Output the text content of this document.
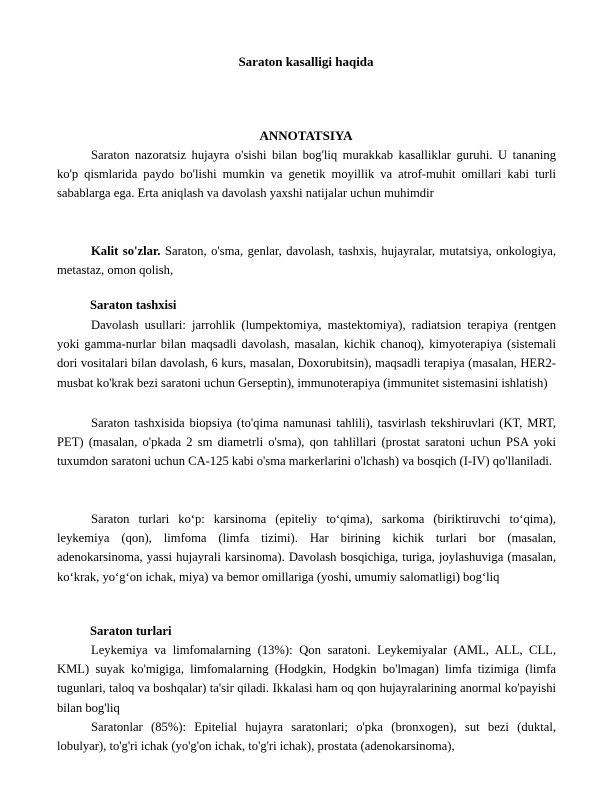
Saraton kasalligi haqida

ANNOTATSIYA

Saraton nazoratsiz hujayra o'sishi bilan bog'liq murakkab kasalliklar guruhi. U tananing ko'p qismlarida paydo bo'lishi mumkin va genetik moyillik va atrof-muhit omillari kabi turli sabablarga ega. Erta aniqlash va davolash yaxshi natijalar uchun muhimdir

Kalit so'zlar. Saraton, o'sma, genlar, davolash, tashxis, hujayralar, mutatsiya, onkologiya, metastaz, omon qolish,

Saraton tashxisi

Davolash usullari: jarrohlik (lumpektomiya, mastektomiya), radiatsion terapiya (rentgen yoki gamma-nurlar bilan maqsadli davolash, masalan, kichik chanoq), kimyoterapiya (sistemali dori vositalari bilan davolash, 6 kurs, masalan, Doxorubitsin), maqsadli terapiya (masalan, HER2-musbat ko'krak bezi saratoni uchun Gerseptin), immunoterapiya (immunitet sistemasini ishlatish)

Saraton tashxisida biopsiya (to'qima namunasi tahlili), tasvirlash tekshiruvlari (KT, MRT, PET) (masalan, o'pkada 2 sm diametrli o'sma), qon tahlillari (prostat saratoni uchun PSA yoki tuxumdon saratoni uchun CA-125 kabi o'sma markerlarini o'lchash) va bosqich (I-IV) qo'llaniladi.

Saraton turlari ko‘p: karsinoma (epiteliy to‘qima), sarkoma (biriktiruvchi to‘qima), leykemiya (qon), limfoma (limfa tizimi). Har birining kichik turlari bor (masalan, adenokarsinoma, yassi hujayrali karsinoma). Davolash bosqichiga, turiga, joylashuviga (masalan, ko‘krak, yo‘g‘on ichak, miya) va bemor omillariga (yoshi, umumiy salomatligi) bog‘liq

Saraton turlari

Leykemiya va limfomalarning (13%): Qon saratoni. Leykemiyalar (AML, ALL, CLL, KML) suyak ko'migiga, limfomalarning (Hodgkin, Hodgkin bo'lmagan) limfa tizimiga (limfa tugunlari, taloq va boshqalar) ta'sir qiladi. Ikkalasi ham oq qon hujayralarining anormal ko'payishi bilan bog'liq

Saratonlar (85%): Epitelial hujayra saratonlari; o'pka (bronxogen), sut bezi (duktal, lobulyar), to'g'ri ichak (yo'g'on ichak, to'g'ri ichak), prostata (adenokarsinoma),
